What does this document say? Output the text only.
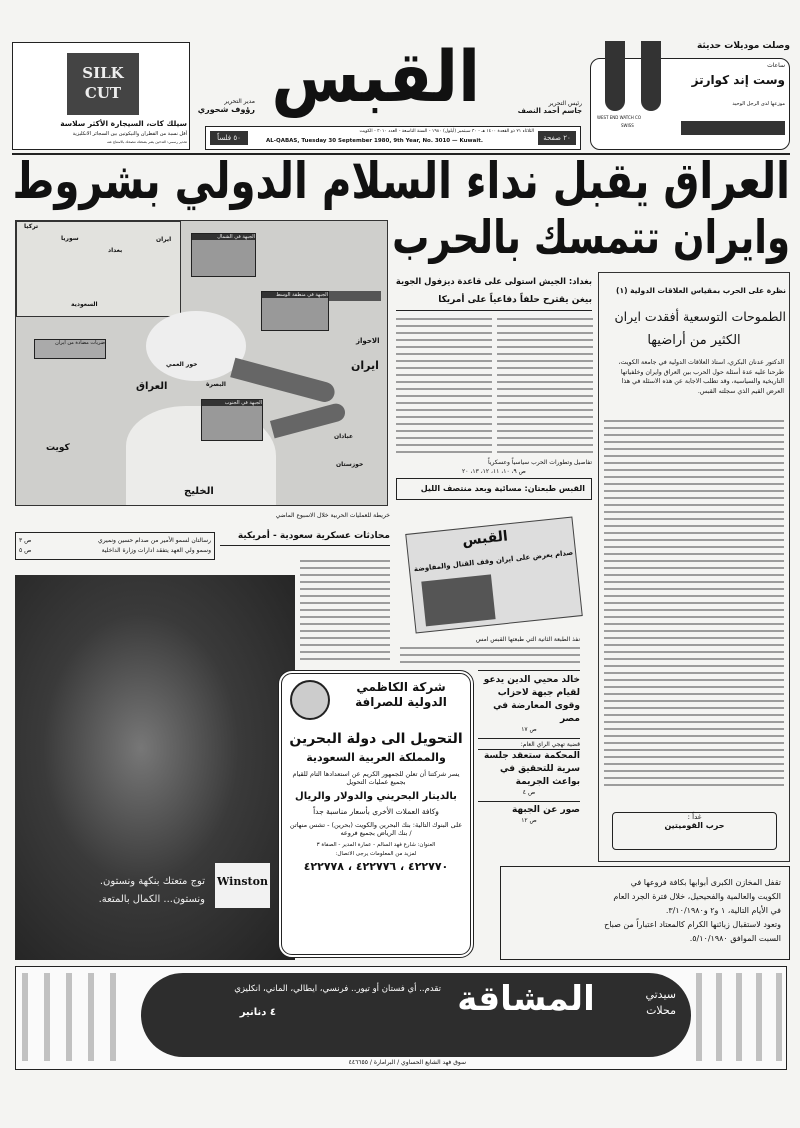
SILK
CUT
سيلك كات، السيجارة الأكثر سلاسة
أقل نسبة من القطران والنيكوتين بين السجائر الانكليزية
تحذير رسمي: التدخين يضر بصحتك ننصحك بالامتناع عنه
مدير التحرير
رؤوف شحوري القبس	رئيس التحرير
جاسم أحمد النصف
٥٠ فلساً
الثلاثاء ٢١ ذو القعدة ١٤٠٠ هـ - ٣٠ سبتمبر (أيلول) ١٩٨٠ - السنة التاسعة - العدد ٣٠١٠ - الكويت
AL-QABAS, Tuesday 30 September 1980, 9th Year, No. 3010 — Kuwait.	٢٠ صفحة
WEST END WATCH CO
SWISS
ساعات
وست إند كوارتز
موزعها لدى الرجل الوحيد
وصلت موديلات حديثة
العراق يقبل نداء السلام الدولي بشروط
وايران تتمسك بالحرب
تركيا
سوريا
بغداد
ايران
السعودية
العراق
ايران
كويت
الخليج
الاحواز
البصرة
عبادان
خوزستان
خور العمي
الجبهة في الشمال
الجبهة في منطقة الوسط
الجبهة في الجنوب
ضربات مضادة من ايران
خريطة للعمليات الحربية خلال الاسبوع الماضي
بغداد: الجيش استولى على قاعدة ديزفول الجوية
بيغن يقترح حلفاً دفاعياً على أمريكا
تفاصيل وتطورات الحرب سياسياً وعسكرياً
ص ٩، ١٠، ١١، ١٢، ١٣، ٢٠
القبس طبعتان: مسائية وبعد منتصف الليل
نظرة على الحرب بمقياس العلاقات الدولية (١)
الطموحات التوسعية أفقدت ايران
الكثير من أراضيها
الدكتور عدنان البكري، استاذ العلاقات الدولية في جامعة الكويت، طرحنا عليه عدة أسئلة حول الحرب بين العراق وايران وخلفياتها التاريخية والسياسية، وقد تطلب الاجابة عن هذه الاسئلة في هذا العرض القيم الذي سجلته القبس.
غداً :
حرب القوميتين
محادثات عسكرية سعودية - أمريكية
ص ٣	رسالتان لسمو الأمير من صدام حسين ونميري
ص ٥	وسمو ولي العهد يتفقد ادارات وزارة الداخلية
Winston
توج متعتك بنكهة ونستون.
ونستون... الكمال بالمتعة.
القبس
صدام يعرض على ايران وقف القتال والمفاوضة
نفذ الطبعة الثانية التي طبعتها القبس امس
شركة الكاظمي الدولية للصرافة
التحويل الى دولة البحرين
والمملكة العربية السعودية
يسر شركتنا أن تعلن للجمهور الكريم عن استعدادها التام للقيام بجميع عمليات التحويل
بالدينار البحريني والدولار والريال
وكافة العملات الأخرى بأسعار مناسبة جداً
على البنوك التالية: بنك البحرين والكويت (بحرين) - تشس منهاتن / بنك الرياض بجميع فروعه
العنوان: شارع فهد السالم - عمارة المدير - الصفاة ٣
لمزيد من المعلومات يرجى الاتصال:
٤٢٢٧٧٠ ، ٤٢٢٧٧٦ ، ٤٢٢٧٧٨
خالد محيي الدين يدعو لقيام جبهة لاحزاب وقوى المعارضة في مصر
ص ١٧
قضية تهجي الراي العام:
المحكمة ستعقد جلسة سرية للتحقيق في بواعث الجريمة
ص ٤
صور عن الجبهة
ص ١٢
تقفل المخازن الكبرى أبوابها بكافة فروعها في
الكويت والعالمية والفحيحيل، خلال فترة الجرد العام
في الأيام التالية، ١ و٢ و٣/١٠/١٩٨٠.
وتعود لاستقبال زبائنها الكرام كالمعتاد اعتباراً من صباح
السبت الموافق ٥/١٠/١٩٨٠.
سيدتي محلات
المشاقة
تقدم.. أي فستان أو تيور.. فرنسي، ايطالي، الماني، انكليزي
٤ دنانير
سوق فهد الشايع الحساوي / البرامارة / ٤٤٦٦٥٥
